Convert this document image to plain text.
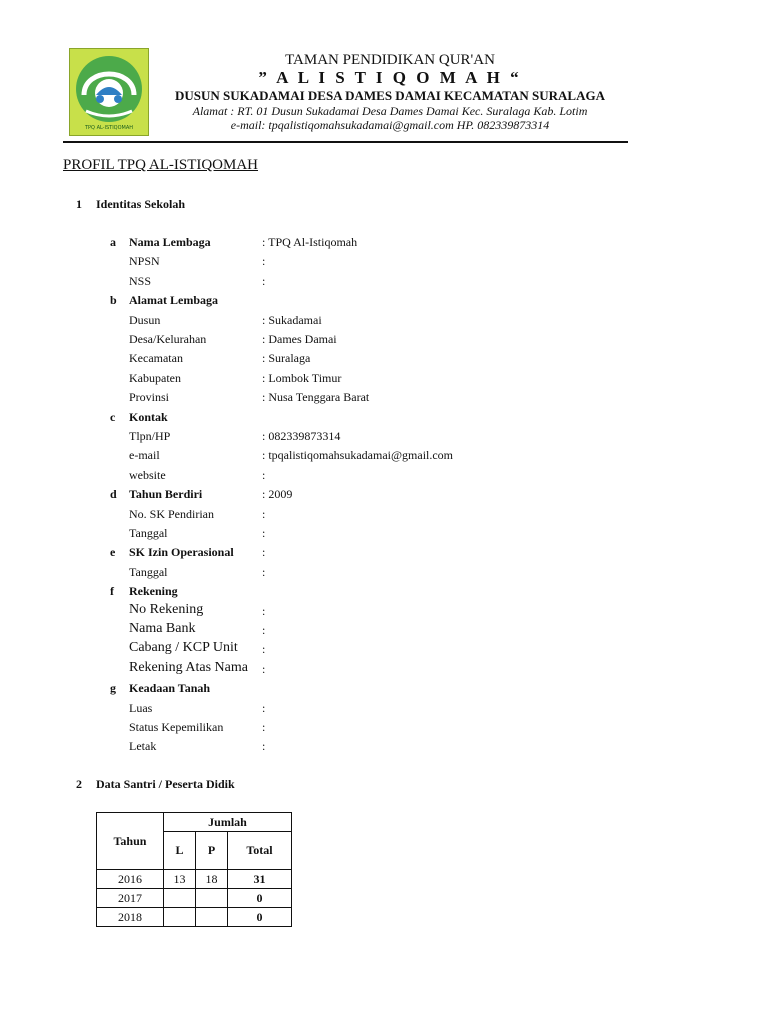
TPQ AL-ISTIQOMAH
TAMAN PENDIDIKAN QUR'AN
” A L I S T I Q O M A H “
DUSUN SUKADAMAI DESA DAMES DAMAI KECAMATAN SURALAGA
Alamat : RT. 01 Dusun Sukadamai Desa Dames Damai Kec. Suralaga Kab. Lotim
e-mail: tpqalistiqomahsukadamai@gmail.com HP. 082339873314
PROFIL TPQ AL-ISTIQOMAH
1 Identitas Sekolah
a Nama Lembaga	: TPQ Al-Istiqomah
NPSN	:
NSS	:
b Alamat Lembaga
Dusun	: Sukadamai
Desa/Kelurahan	: Dames Damai
Kecamatan	: Suralaga
Kabupaten	: Lombok Timur
Provinsi	: Nusa Tenggara Barat
c Kontak
Tlpn/HP	: 082339873314
e-mail	: tpqalistiqomahsukadamai@gmail.com
website	:
d Tahun Berdiri	: 2009
No. SK Pendirian	:
Tanggal	:
e SK Izin Operasional :
Tanggal	:
f Rekening
No Rekening	:
Nama Bank	:
Cabang / KCP Unit :
Rekening Atas Nama :
g Keadaan Tanah
Luas	:
Status Kepemilikan	:
Letak	:
2 Data Santri / Peserta Didik
Tahun	Jumlah		
	L	P	Total
2016	13	18	31
2017			0
2018			0
